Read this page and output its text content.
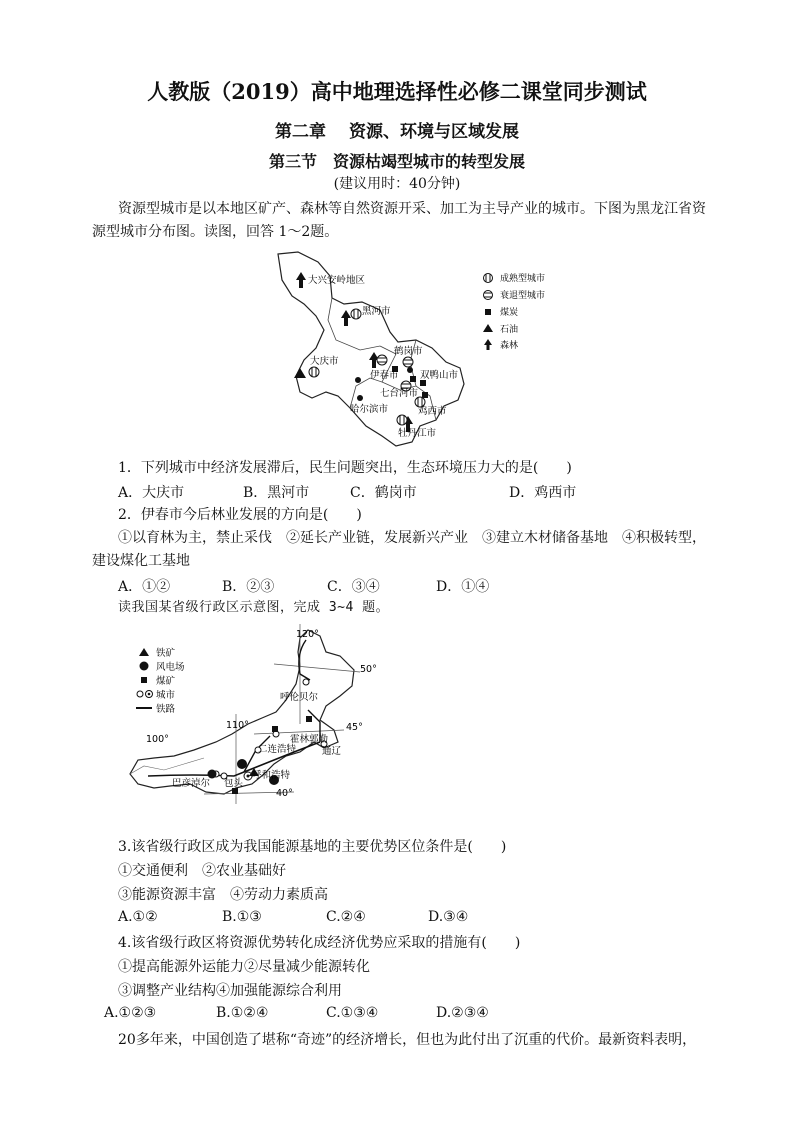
人教版（2019）高中地理选择性必修二课堂同步测试
第二章　 资源、环境与区域发展
第三节　资源枯竭型城市的转型发展
(建议用时：40分钟)
资源型城市是以本地区矿产、森林等自然资源开采、加工为主导产业的城市。下图为黑龙江省资
源型城市分布图。读图，回答 1～2题。
大兴安岭地区
黑河市
大庆市
伊春市
鹤岗市
双鸭山市
七台河市
哈尔滨市	鸡西市
牡丹江市
成熟型城市
衰退型城市
煤炭
石油
森林
1．下列城市中经济发展滞后，民生问题突出，生态环境压力大的是(　　)
A．大庆市	B．黑河市	C．鹤岗市	D．鸡西市
2．伊春市今后林业发展的方向是(　　)
①以育林为主，禁止采伐　②延长产业链，发展新兴产业　③建立木材储备基地　④积极转型，
建设煤化工基地
A．①②	B．②③	C．③④	D．①④
读我国某省级行政区示意图，完成 3~4 题。
呼伦贝尔
霍林郭勒
二连浩特	通辽
巴彦淖尔 包头
呼和浩特
120°
50°
110°	45°
100°
40°
铁矿
风电场
煤矿
城市
铁路
3.该省级行政区成为我国能源基地的主要优势区位条件是(　　)
①交通便利　②农业基础好
③能源资源丰富　④劳动力素质高
A.①②	B.①③	C.②④	D.③④
4.该省级行政区将资源优势转化成经济优势应采取的措施有(　　)
①提高能源外运能力②尽量减少能源转化
③调整产业结构④加强能源综合利用
A.①②③	B.①②④	C.①③④	D.②③④
20多年来，中国创造了堪称“奇迹”的经济增长，但也为此付出了沉重的代价。最新资料表明，
